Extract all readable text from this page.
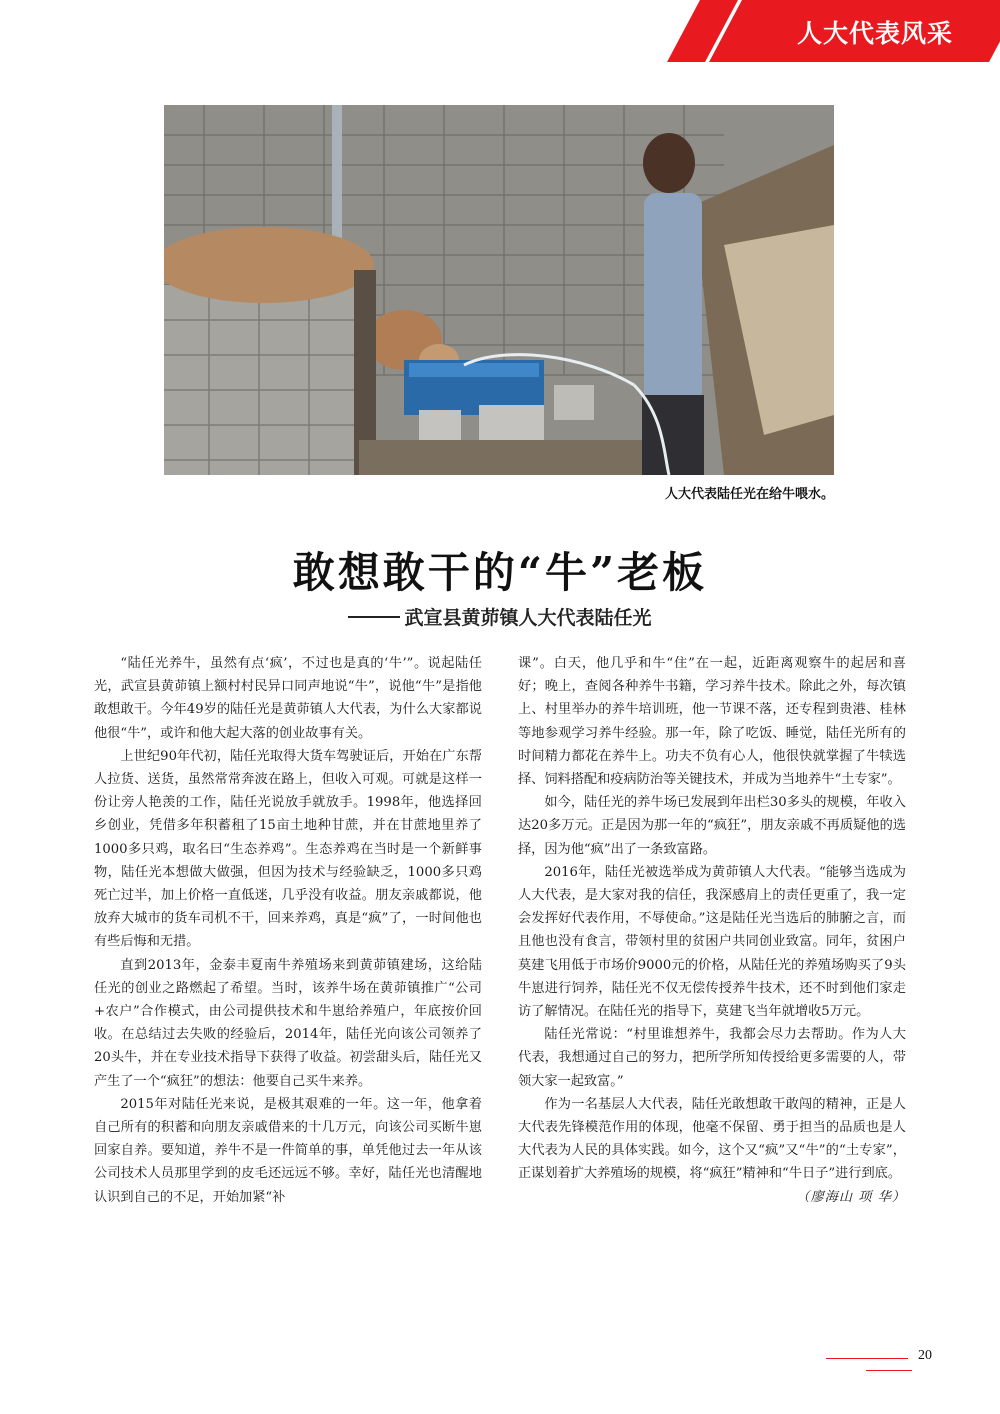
人大代表风采
人大代表陆任光在给牛喂水。
敢想敢干的“牛”老板
武宣县黄茆镇人大代表陆任光

“陆任光养牛，虽然有点‘疯’，不过也是真的‘牛’”。说起陆任光，武宣县黄茆镇上额村村民异口同声地说“牛”，说他“牛”是指他敢想敢干。今年49岁的陆任光是黄茆镇人大代表，为什么大家都说他很“牛”，或许和他大起大落的创业故事有关。

上世纪90年代初，陆任光取得大货车驾驶证后，开始在广东帮人拉货、送货，虽然常常奔波在路上，但收入可观。可就是这样一份让旁人艳羡的工作，陆任光说放手就放手。1998年，他选择回乡创业，凭借多年积蓄租了15亩土地种甘蔗，并在甘蔗地里养了1000多只鸡，取名曰“生态养鸡”。生态养鸡在当时是一个新鲜事物，陆任光本想做大做强，但因为技术与经验缺乏，1000多只鸡死亡过半，加上价格一直低迷，几乎没有收益。朋友亲戚都说，他放弃大城市的货车司机不干，回来养鸡，真是“疯”了，一时间他也有些后悔和无措。

直到2013年，金泰丰夏南牛养殖场来到黄茆镇建场，这给陆任光的创业之路燃起了希望。当时，该养牛场在黄茆镇推广“公司+农户”合作模式，由公司提供技术和牛崽给养殖户，年底按价回收。在总结过去失败的经验后，2014年，陆任光向该公司领养了20头牛，并在专业技术指导下获得了收益。初尝甜头后，陆任光又产生了一个“疯狂”的想法：他要自己买牛来养。

2015年对陆任光来说，是极其艰难的一年。这一年，他拿着自己所有的积蓄和向朋友亲戚借来的十几万元，向该公司买断牛崽回家自养。要知道，养牛不是一件简单的事，单凭他过去一年从该公司技术人员那里学到的皮毛还远远不够。幸好，陆任光也清醒地认识到自己的不足，开始加紧“补

课”。白天，他几乎和牛“住”在一起，近距离观察牛的起居和喜好；晚上，查阅各种养牛书籍，学习养牛技术。除此之外，每次镇上、村里举办的养牛培训班，他一节课不落，还专程到贵港、桂林等地参观学习养牛经验。那一年，除了吃饭、睡觉，陆任光所有的时间精力都花在养牛上。功夫不负有心人，他很快就掌握了牛犊选择、饲料搭配和疫病防治等关键技术，并成为当地养牛“土专家”。

如今，陆任光的养牛场已发展到年出栏30多头的规模，年收入达20多万元。正是因为那一年的“疯狂”，朋友亲戚不再质疑他的选择，因为他“疯”出了一条致富路。

2016年，陆任光被选举成为黄茆镇人大代表。“能够当选成为人大代表，是大家对我的信任，我深感肩上的责任更重了，我一定会发挥好代表作用，不辱使命。”这是陆任光当选后的肺腑之言，而且他也没有食言，带领村里的贫困户共同创业致富。同年，贫困户莫建飞用低于市场价9000元的价格，从陆任光的养殖场购买了9头牛崽进行饲养，陆任光不仅无偿传授养牛技术，还不时到他们家走访了解情况。在陆任光的指导下，莫建飞当年就增收5万元。

陆任光常说：“村里谁想养牛，我都会尽力去帮助。作为人大代表，我想通过自己的努力，把所学所知传授给更多需要的人，带领大家一起致富。”

作为一名基层人大代表，陆任光敢想敢干敢闯的精神，正是人大代表先锋模范作用的体现，他毫不保留、勇于担当的品质也是人大代表为人民的具体实践。如今，这个又“疯”又“牛”的“土专家”，正谋划着扩大养殖场的规模，将“疯狂”精神和“牛日子”进行到底。
（廖海山 项 华）

20
